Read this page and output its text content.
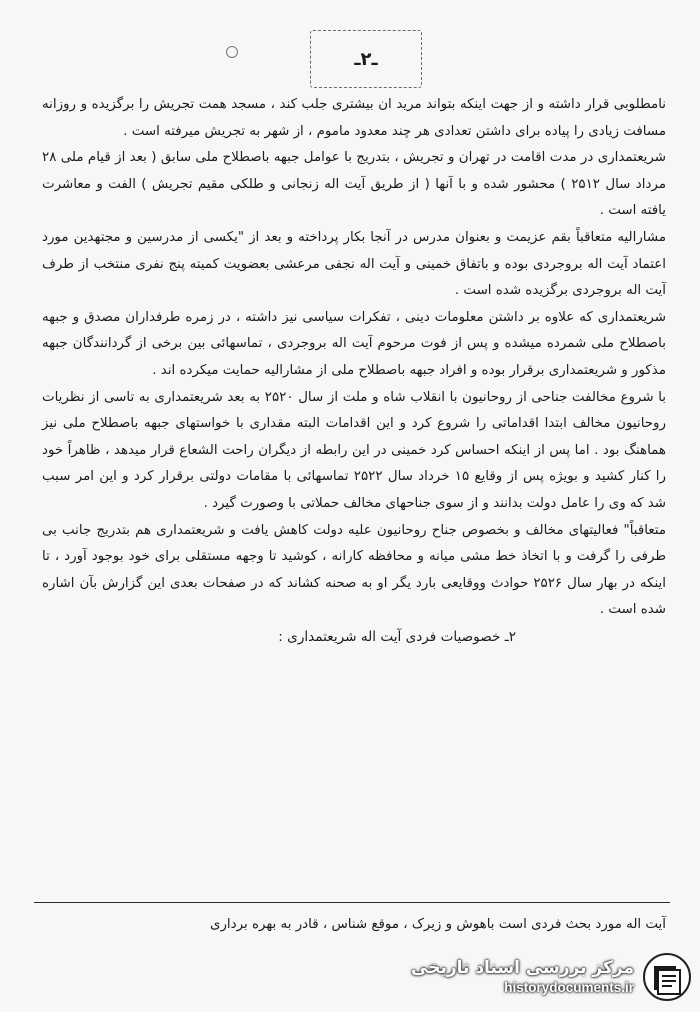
ـ٢ـ

نامطلوبی قرار داشته و از جهت اینکه بتواند مرید ان بیشتری جلب کند ، مسجد همت تجریش را برگزیده و روزانه مسافت زیادی را پیاده برای داشتن تعدادی هر چند معدود ماموم ، از شهر به تجریش میرفته است .

شریعتمداری در مدت اقامت در تهران و تجریش ، بتدریج با عوامل جبهه باصطلاح ملی سابق ( بعد از قیام ملی ۲۸ مرداد سال ۲۵۱۲ ) محشور شده و با آنها ( از طریق آیت اله زنجانی و طلکی مقیم تجریش ) الفت و معاشرت یافته است .

مشارالیه متعاقباً بقم عزیمت و بعنوان مدرس در آنجا بکار پرداخته و بعد از "یکسی از مدرسین و مجتهدین مورد اعتماد آیت اله بروجردی بوده و باتفاق خمینی و آیت اله نجفی مرعشی بعضویت کمیته پنج نفری منتخب از طرف آیت اله بروجردی برگزیده شده است .

شریعتمداری که علاوه بر داشتن معلومات دینی ، تفکرات سیاسی نیز داشته ، در زمره طرفداران مصدق و جبهه باصطلاح ملی شمرده میشده و پس از فوت مرحوم آیت اله بروجردی ، تماسهائی بین برخی از گردانندگان جبهه مذکور و شریعتمداری برقرار بوده و افراد جبهه باصطلاح ملی از مشارالیه حمایت میکرده اند .

با شروع مخالفت جناحی از روحانیون با انقلاب شاه و ملت از سال ۲۵۲۰ به بعد شریعتمداری به تاسی از نظریات روحانیون مخالف ابتدا اقداماتی را شروع کرد و این اقدامات البته مقداری با خواستهای جبهه باصطلاح ملی نیز هماهنگ بود . اما پس از اینکه احساس کرد خمینی در این رابطه از دیگران راحت الشعاع قرار میدهد ، ظاهراً خود را کنار کشید و بویژه پس از وقایع ۱۵ خرداد سال ۲۵۲۲ تماسهائی با مقامات دولتی برقرار کرد و این امر سبب شد که وی را عامل دولت بدانند و از سوی جناحهای مخالف حملاتی با وصورت گیرد .

متعاقباً" فعالیتهای مخالف و بخصوص جناح روحانیون علیه دولت کاهش یافت و شریعتمداری هم بتدریج جانب بی طرفی را گرفت و با اتخاذ خط مشی میانه و محافظه کارانه ، کوشید تا وجهه مستقلی برای خود بوجود آورد ، تا اینکه در بهار سال ۲۵۲۶ حوادث ووقایعی بارد یگر او به صحنه کشاند که در صفحات بعدی این گزارش بآن اشاره شده است .

۲ـ خصوصیات فردی آیت اله شریعتمداری :

آیت اله مورد بحث فردی است باهوش و زیرک ، موقع شناس ، قادر به بهره برداری
مرکز بررسی اسناد تاریخی
historydocuments.ir
